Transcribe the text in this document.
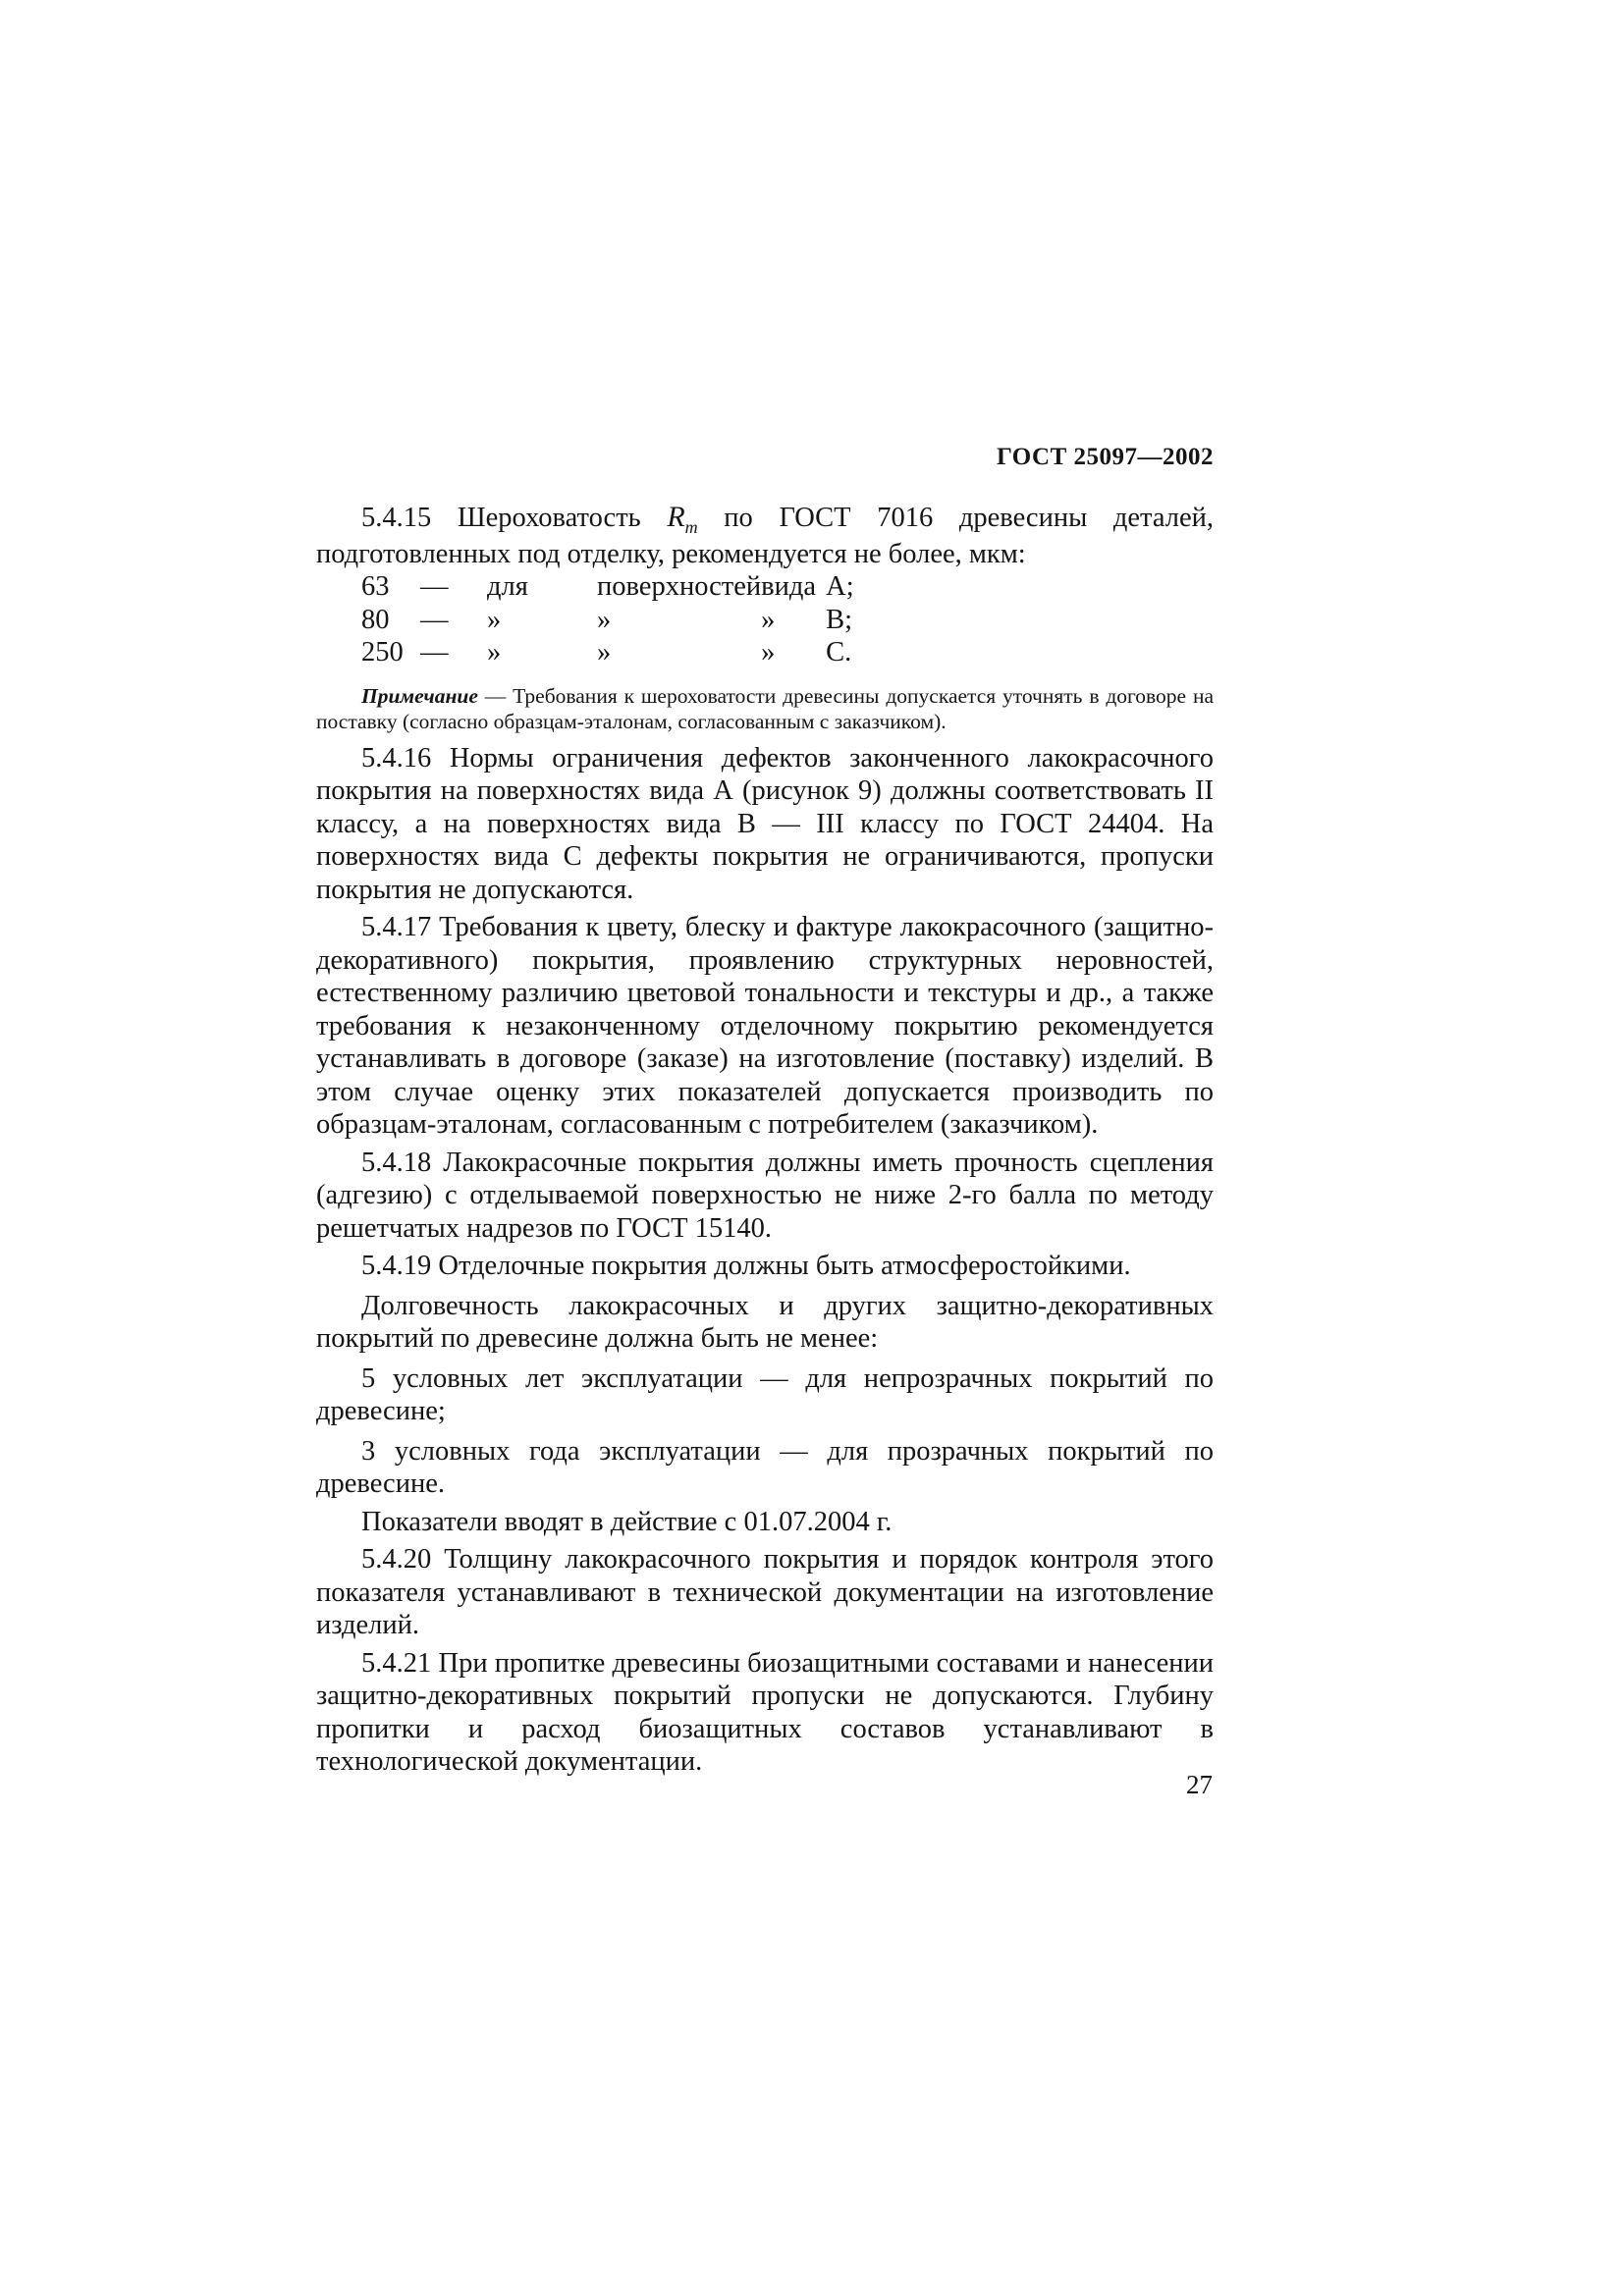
ГОСТ 25097—2002

5.4.15 Шероховатость $R_m$ по ГОСТ 7016 древесины деталей, подготовленных под отделку, рекомендуется не более, мкм:

63	—	для	поверхностей	вида	А;
80	—	»	»	»	В;
250	—	»	»	»	С.

Примечание — Требования к шероховатости древесины допускается уточнять в договоре на поставку (согласно образцам-эталонам, согласованным с заказчиком).

5.4.16 Нормы ограничения дефектов законченного лакокрасочного покрытия на поверхностях вида А (рисунок 9) должны соответствовать II классу, а на поверхностях вида В — III классу по ГОСТ 24404. На поверхностях вида С дефекты покрытия не ограничиваются, пропуски покрытия не допускаются.

5.4.17 Требования к цвету, блеску и фактуре лакокрасочного (защитно-декоративного) покрытия, проявлению структурных неровностей, естественному различию цветовой тональности и текстуры и др., а также требования к незаконченному отделочному покрытию рекомендуется устанавливать в договоре (заказе) на изготовление (поставку) изделий. В этом случае оценку этих показателей допускается производить по образцам-эталонам, согласованным с потребителем (заказчиком).

5.4.18 Лакокрасочные покрытия должны иметь прочность сцепления (адгезию) с отделываемой поверхностью не ниже 2-го балла по методу решетчатых надрезов по ГОСТ 15140.

5.4.19 Отделочные покрытия должны быть атмосферостойкими.

Долговечность лакокрасочных и других защитно-декоративных покрытий по древесине должна быть не менее:

5 условных лет эксплуатации — для непрозрачных покрытий по древесине;

3 условных года эксплуатации — для прозрачных покрытий по древесине.

Показатели вводят в действие с 01.07.2004 г.

5.4.20 Толщину лакокрасочного покрытия и порядок контроля этого показателя устанавливают в технической документации на изготовление изделий.

5.4.21 При пропитке древесины биозащитными составами и нанесении защитно-декоративных покрытий пропуски не допускаются. Глубину пропитки и расход биозащитных составов устанавливают в технологической документации.

27
